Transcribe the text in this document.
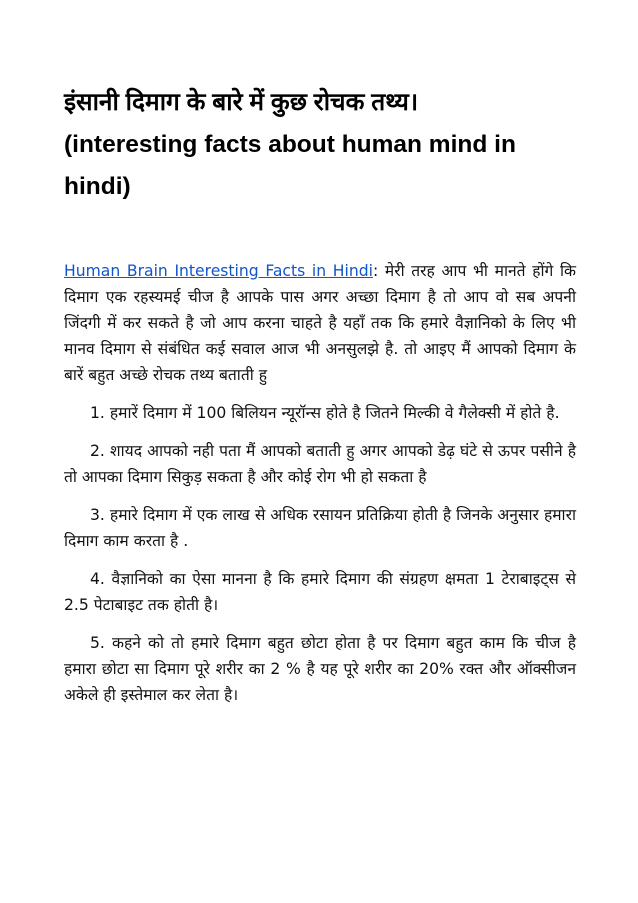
इंसानी दिमाग के बारे में कुछ रोचक तथ्य।(interesting facts about human mind in hindi)

Human Brain Interesting Facts in Hindi: मेरी तरह आप भी मानते होंगे कि दिमाग एक रहस्यमई चीज है आपके पास अगर अच्छा दिमाग है तो आप वो सब अपनी जिंदगी में कर सकते है जो आप करना चाहते है यहाँ तक कि हमारे वैज्ञानिको के लिए भी मानव दिमाग से संबंधित कई सवाल आज भी अनसुलझे है. तो आइए मैं आपको दिमाग के बारें बहुत अच्छे रोचक तथ्य बताती हु

1. हमारें दिमाग में 100 बिलियन न्यूरॉन्स होते है जितने मिल्की वे गैलेक्सी में होते है.

2. शायद आपको नही पता मैं आपको बताती हु अगर आपको डेढ़ घंटे से ऊपर पसीने है तो आपका दिमाग सिकुड़ सकता है और कोई रोग भी हो सकता है

3. हमारे दिमाग में एक लाख से अधिक रसायन प्रतिक्रिया होती है जिनके अनुसार हमारा दिमाग काम करता है .

4. वैज्ञानिको का ऐसा मानना है कि हमारे दिमाग की संग्रहण क्षमता 1 टेराबाइट्स से 2.5 पेटाबाइट तक होती है।

5. कहने को तो हमारे दिमाग बहुत छोटा होता है पर दिमाग बहुत काम कि चीज है हमारा छोटा सा दिमाग पूरे शरीर का 2 % है यह पूरे शरीर का 20% रक्त और ऑक्सीजन अकेले ही इस्तेमाल कर लेता है।
